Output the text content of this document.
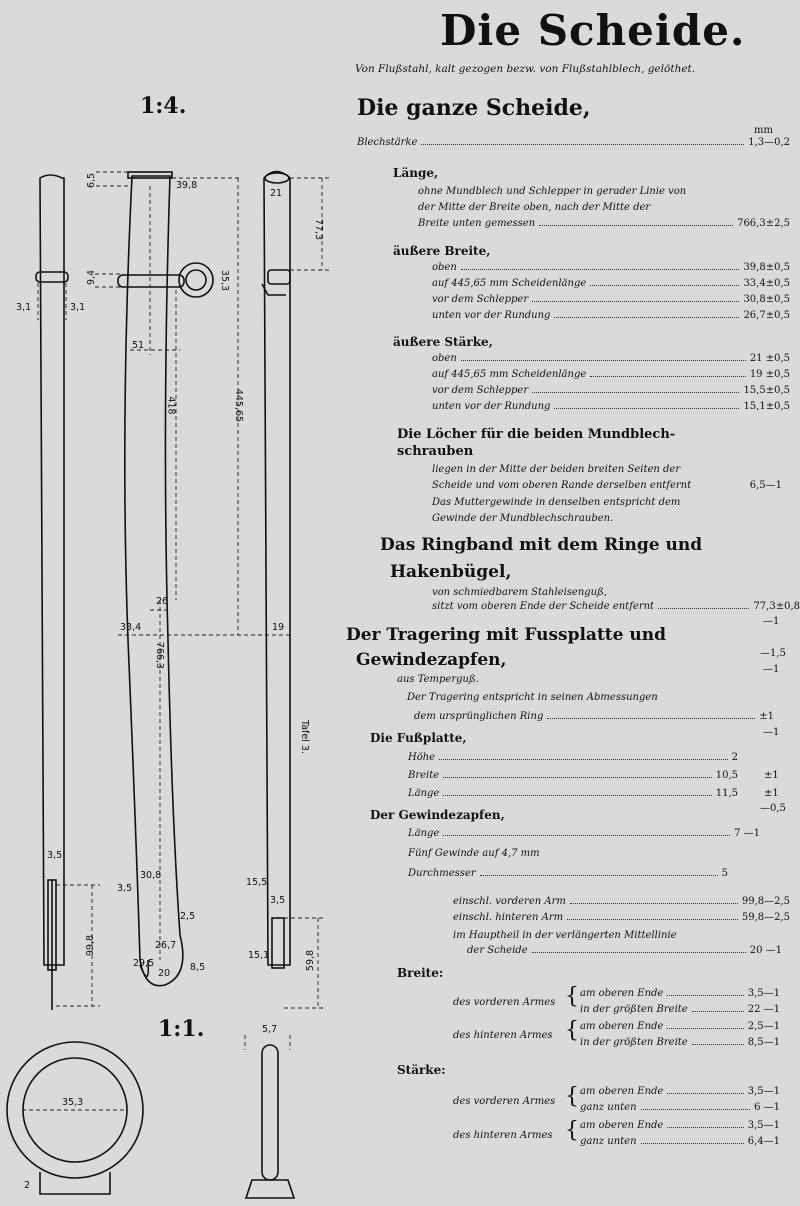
1:4.
1:1.
Tafel 3.
3,1	3,1
3,5
99,8
6,5	39,8
9,4	35,3
51
418	445,65
26
33,4
766,3
30,8
3,5
2,5
26,7
20
8,5
29,5
21
77,3
19
15,5
3,5
15,1	59,8
5,7
35,3
2
Die Scheide.
Von Flußstahl, kalt gezogen bezw. von Flußstahlblech, gelöthet.
Die ganze Scheide,
mm
Blechstärke	1,3—0,2
Länge,
ohne Mundblech und Schlepper in gerader Linie von
der Mitte der Breite oben, nach der Mitte der
Breite unten gemessen	766,3±2,5
äußere Breite,
oben	39,8±0,5
auf 445,65 mm Scheidenlänge	33,4±0,5
vor dem Schlepper	30,8±0,5
unten vor der Rundung	26,7±0,5
äußere Stärke,
oben	21 ±0,5
auf 445,65 mm Scheidenlänge	19 ±0,5
vor dem Schlepper	15,5±0,5
unten vor der Rundung	15,1±0,5
Die Löcher für die beiden Mundblech-
schrauben
liegen in der Mitte der beiden breiten Seiten der
Scheide und vom oberen Rande derselben entfernt	6,5—1
Das Muttergewinde in denselben entspricht dem
Gewinde der Mundblechschrauben.
Das Ringband mit dem Ringe und
Hakenbügel,
von schmiedbarem Stahleisenguß,
sitzt vom oberen Ende der Scheide entfernt	77,3±0,8
—1
Der Tragering mit Fussplatte und
Gewindezapfen,	—1,5
—1
aus Temperguß.
Der Tragering entspricht in seinen Abmessungen
dem ursprünglichen Ring	±1
—1
Die Fußplatte,
Höhe	2
Breite	10,5	±1
Länge	11,5	±1
—0,5
Der Gewindezapfen,
Länge	7 —1
Fünf Gewinde auf 4,7 mm
Durchmesser	5
einschl. vorderen Arm	99,8—2,5
einschl. hinteren Arm	59,8—2,5
im Hauptheil in der verlängerten Mittellinie
der Scheide	20 —1
Breite:
des vorderen Armes { am oberen Ende	3,5—1
in der größten Breite	22 —1
des hinteren Armes { am oberen Ende	2,5—1
in der größten Breite	8,5—1
Stärke:
des vorderen Armes { am oberen Ende	3,5—1
ganz unten	6 —1
des hinteren Armes { am oberen Ende	3,5—1
ganz unten	6,4—1
